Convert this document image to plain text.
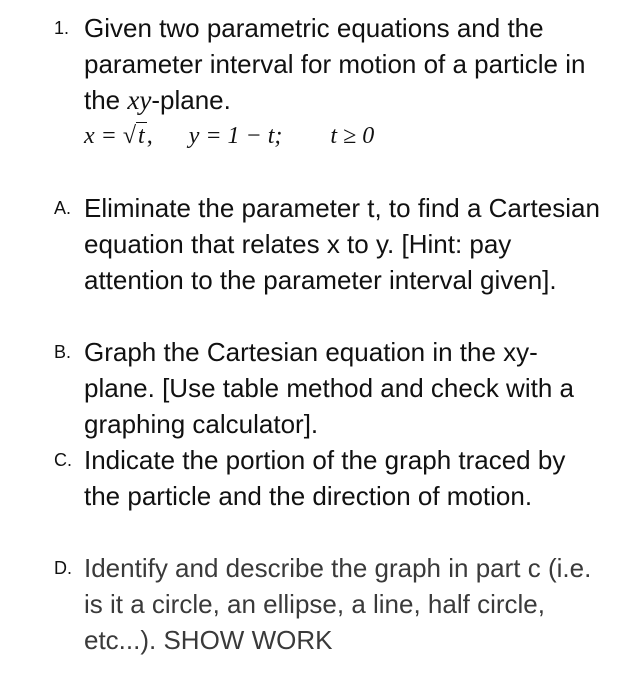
1. Given two parametric equations and the parameter interval for motion of a particle in the xy-plane.
x = √t, y = 1 − t; t ≥ 0
A. Eliminate the parameter t, to find a Cartesian equation that relates x to y. [Hint: pay attention to the parameter interval given].
B. Graph the Cartesian equation in the xy-plane. [Use table method and check with a graphing calculator].
C. Indicate the portion of the graph traced by the particle and the direction of motion.
D. Identify and describe the graph in part c (i.e. is it a circle, an ellipse, a line, half circle, etc...). SHOW WORK
